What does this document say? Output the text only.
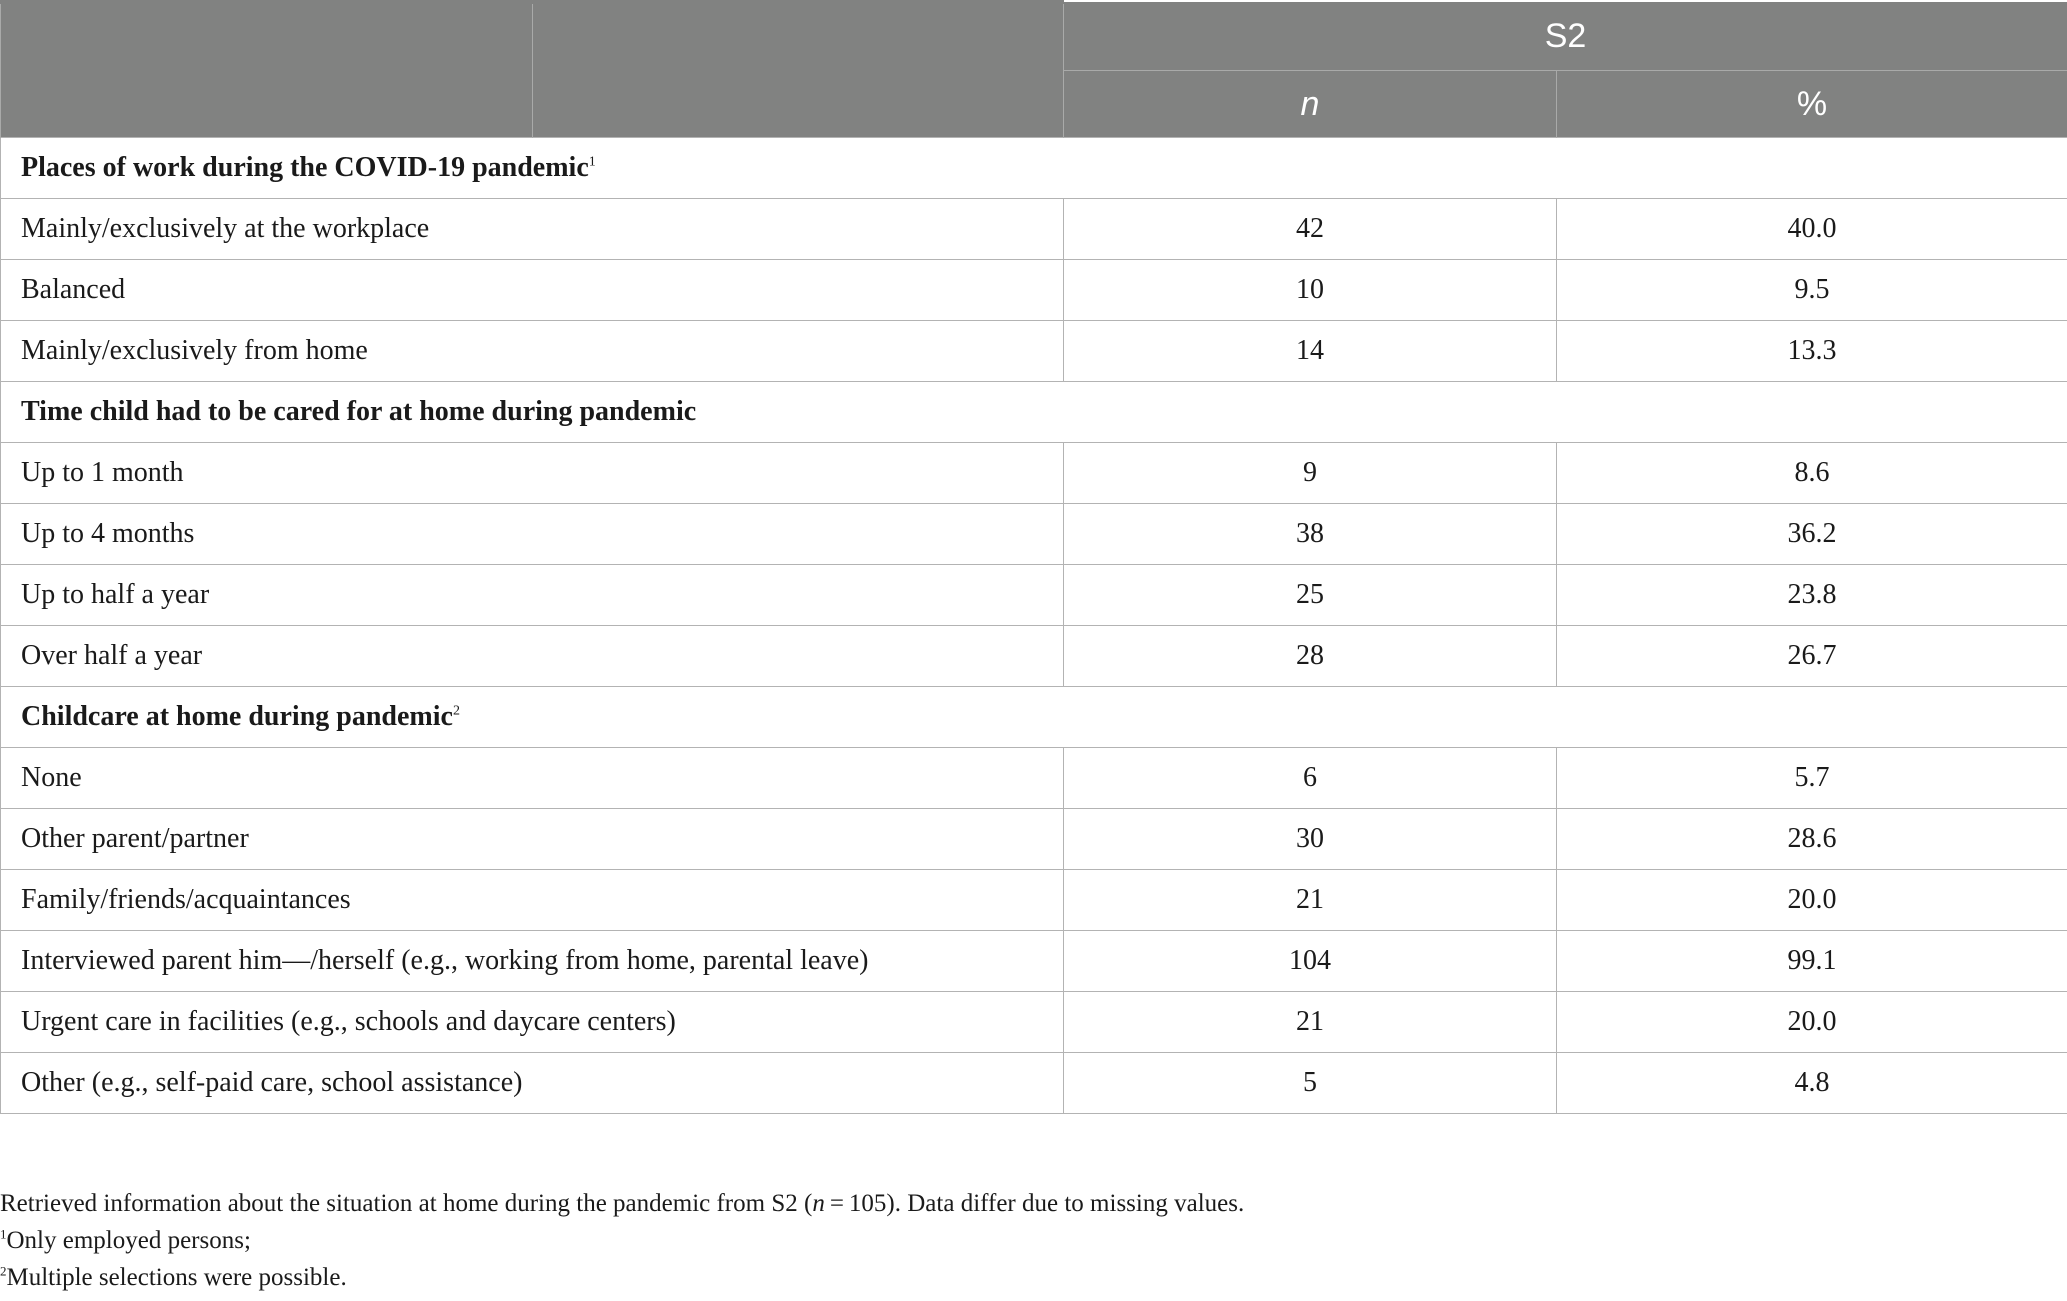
		S2	
		n	%
Places of work during the COVID-19 pandemic$^1$
Mainly/exclusively at the workplace		42	40.0
Balanced		10	9.5
Mainly/exclusively from home		14	13.3
Time child had to be cared for at home during pandemic			
Up to 1 month		9	8.6
Up to 4 months		38	36.2
Up to half a year		25	23.8
Over half a year		28	26.7
Childcare at home during pandemic$^2$
None		6	5.7
Other parent/partner		30	28.6
Family/friends/acquaintances		21	20.0
Interviewed parent him—/herself (e.g., working from home, parental leave)		104	99.1
Urgent care in facilities (e.g., schools and daycare centers)		21	20.0
Other (e.g., self-paid care, school assistance)		5	4.8
Retrieved information about the situation at home during the pandemic from S2 (n = 105). Data differ due to missing values.
$^1$Only employed persons;
$^2$Multiple selections were possible.
